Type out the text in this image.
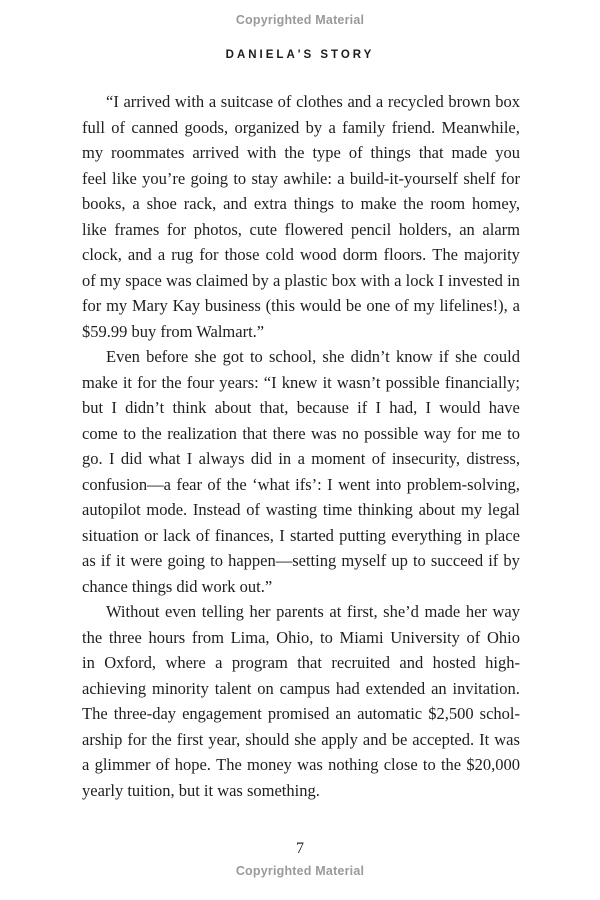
Copyrighted Material
DANIELA'S STORY
“I arrived with a suitcase of clothes and a recycled brown box
full of canned goods, organized by a family friend. Meanwhile,
my roommates arrived with the type of things that made you
feel like you’re going to stay awhile: a build-it-yourself shelf for
books, a shoe rack, and extra things to make the room homey,
like frames for photos, cute flowered pencil holders, an alarm
clock, and a rug for those cold wood dorm floors. The majority
of my space was claimed by a plastic box with a lock I invested in
for my Mary Kay business (this would be one of my lifelines!), a
$59.99 buy from Walmart.”
Even before she got to school, she didn’t know if she could
make it for the four years: “I knew it wasn’t possible financially;
but I didn’t think about that, because if I had, I would have
come to the realization that there was no possible way for me to
go. I did what I always did in a moment of insecurity, distress,
confusion—a fear of the ‘what ifs’: I went into problem-solving,
autopilot mode. Instead of wasting time thinking about my legal
situation or lack of finances, I started putting everything in place
as if it were going to happen—setting myself up to succeed if by
chance things did work out.”
Without even telling her parents at first, she’d made her way
the three hours from Lima, Ohio, to Miami University of Ohio
in Oxford, where a program that recruited and hosted high-
achieving minority talent on campus had extended an invitation.
The three-day engagement promised an automatic $2,500 schol-
arship for the first year, should she apply and be accepted. It was
a glimmer of hope. The money was nothing close to the $20,000
yearly tuition, but it was something.
7
Copyrighted Material
